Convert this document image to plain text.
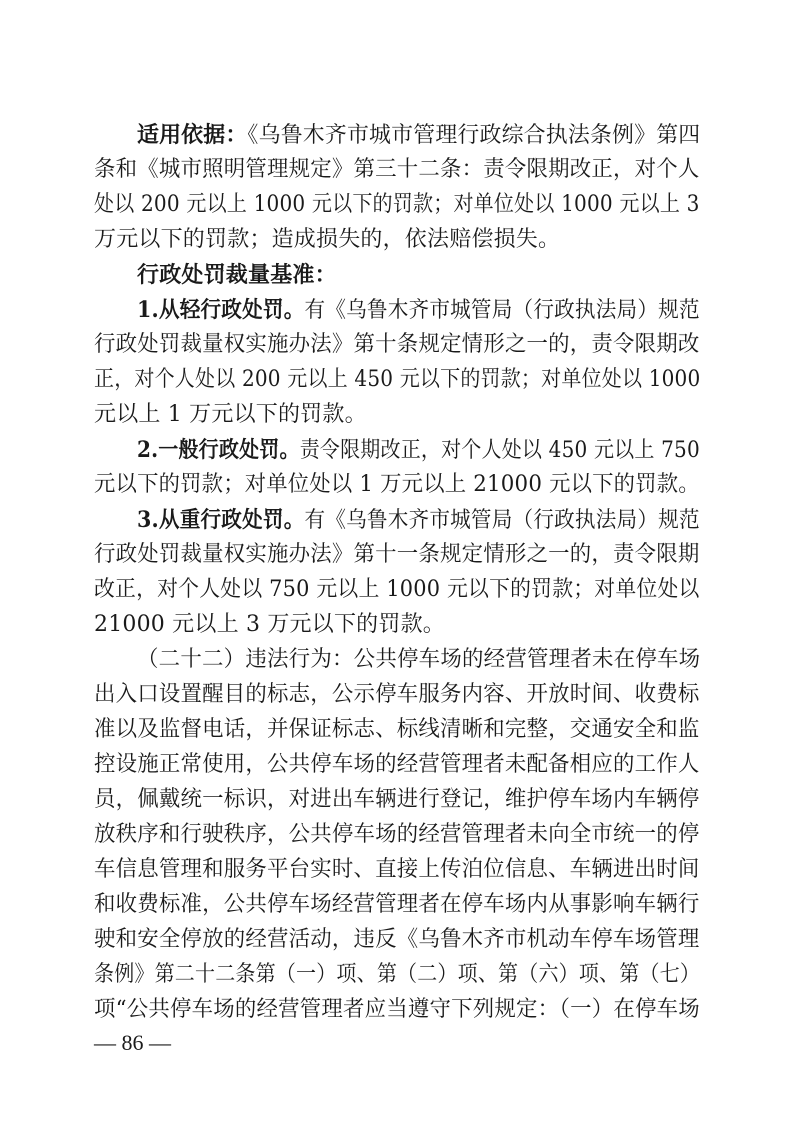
适用依据：《乌鲁木齐市城市管理行政综合执法条例》第四
条和《城市照明管理规定》第三十二条：责令限期改正，对个人
处以 200 元以上 1000 元以下的罚款；对单位处以 1000 元以上 3
万元以下的罚款；造成损失的，依法赔偿损失。
行政处罚裁量基准：
1.从轻行政处罚。有《乌鲁木齐市城管局（行政执法局）规范
行政处罚裁量权实施办法》第十条规定情形之一的，责令限期改
正，对个人处以 200 元以上 450 元以下的罚款；对单位处以 1000
元以上 1 万元以下的罚款。
2.一般行政处罚。责令限期改正，对个人处以 450 元以上 750
元以下的罚款；对单位处以 1 万元以上 21000 元以下的罚款。
3.从重行政处罚。有《乌鲁木齐市城管局（行政执法局）规范
行政处罚裁量权实施办法》第十一条规定情形之一的，责令限期
改正，对个人处以 750 元以上 1000 元以下的罚款；对单位处以
21000 元以上 3 万元以下的罚款。
（二十二）违法行为：公共停车场的经营管理者未在停车场
出入口设置醒目的标志，公示停车服务内容、开放时间、收费标
准以及监督电话，并保证标志、标线清晰和完整，交通安全和监
控设施正常使用，公共停车场的经营管理者未配备相应的工作人
员，佩戴统一标识，对进出车辆进行登记，维护停车场内车辆停
放秩序和行驶秩序，公共停车场的经营管理者未向全市统一的停
车信息管理和服务平台实时、直接上传泊位信息、车辆进出时间
和收费标准，公共停车场经营管理者在停车场内从事影响车辆行
驶和安全停放的经营活动，违反《乌鲁木齐市机动车停车场管理
条例》第二十二条第（一）项、第（二）项、第（六）项、第（七）
项“公共停车场的经营管理者应当遵守下列规定：（一）在停车场
— 86 —
